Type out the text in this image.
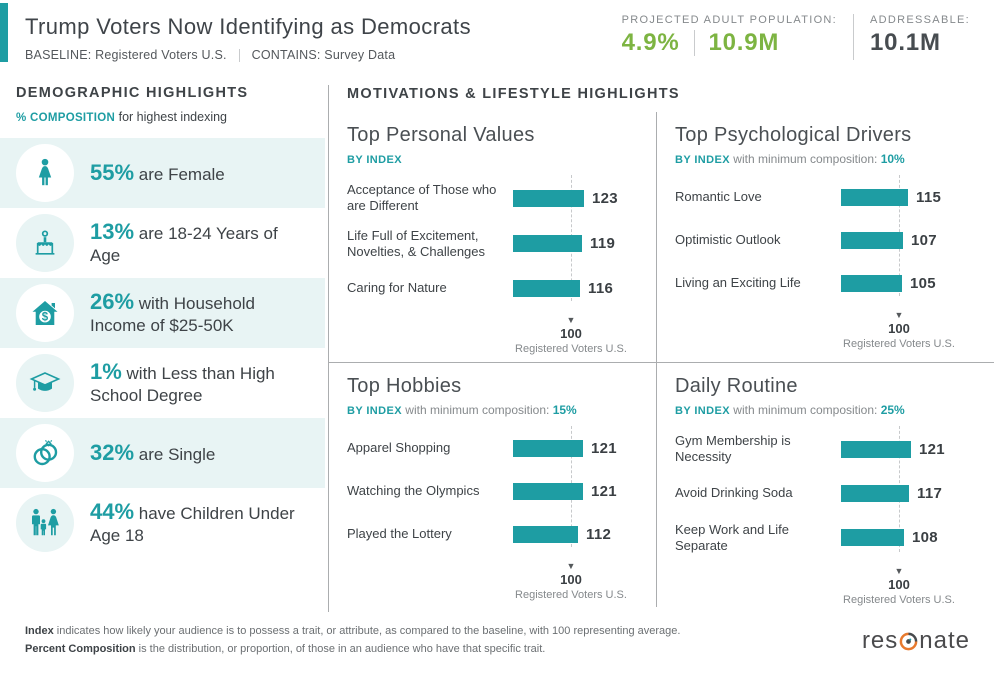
Trump Voters Now Identifying as Democrats
BASELINE: Registered Voters U.S. CONTAINS: Survey Data
PROJECTED ADULT POPULATION:
4.9% 10.9M
ADDRESSABLE:
10.1M
DEMOGRAPHIC HIGHLIGHTS
% COMPOSITION for highest indexing
55% are Female
13% are 18-24 Years of Age
$
26% with Household Income of $25-50K
1% with Less than High School Degree
32% are Single
44% have Children Under Age 18
MOTIVATIONS & LIFESTYLE HIGHLIGHTS
Top Personal Values
BY INDEX
Acceptance of Those who are Different	123
Life Full of Excitement, Novelties, & Challenges	119
Caring for Nature	116
▼
100
Registered Voters U.S.
Top Psychological Drivers
BY INDEX with minimum composition: 10%
Romantic Love	115
Optimistic Outlook	107
Living an Exciting Life	105
▼
100
Registered Voters U.S.
Top Hobbies
BY INDEX with minimum composition: 15%
Apparel Shopping	121
Watching the Olympics	121
Played the Lottery	112
▼
100
Registered Voters U.S.
Daily Routine
BY INDEX with minimum composition: 25%
Gym Membership is Necessity	121
Avoid Drinking Soda	117
Keep Work and Life Separate	108
▼
100
Registered Voters U.S.
Index indicates how likely your audience is to possess a trait, or attribute, as compared to the baseline, with 100 representing average.
Percent Composition is the distribution, or proportion, of those in an audience who have that specific trait.	res nate
